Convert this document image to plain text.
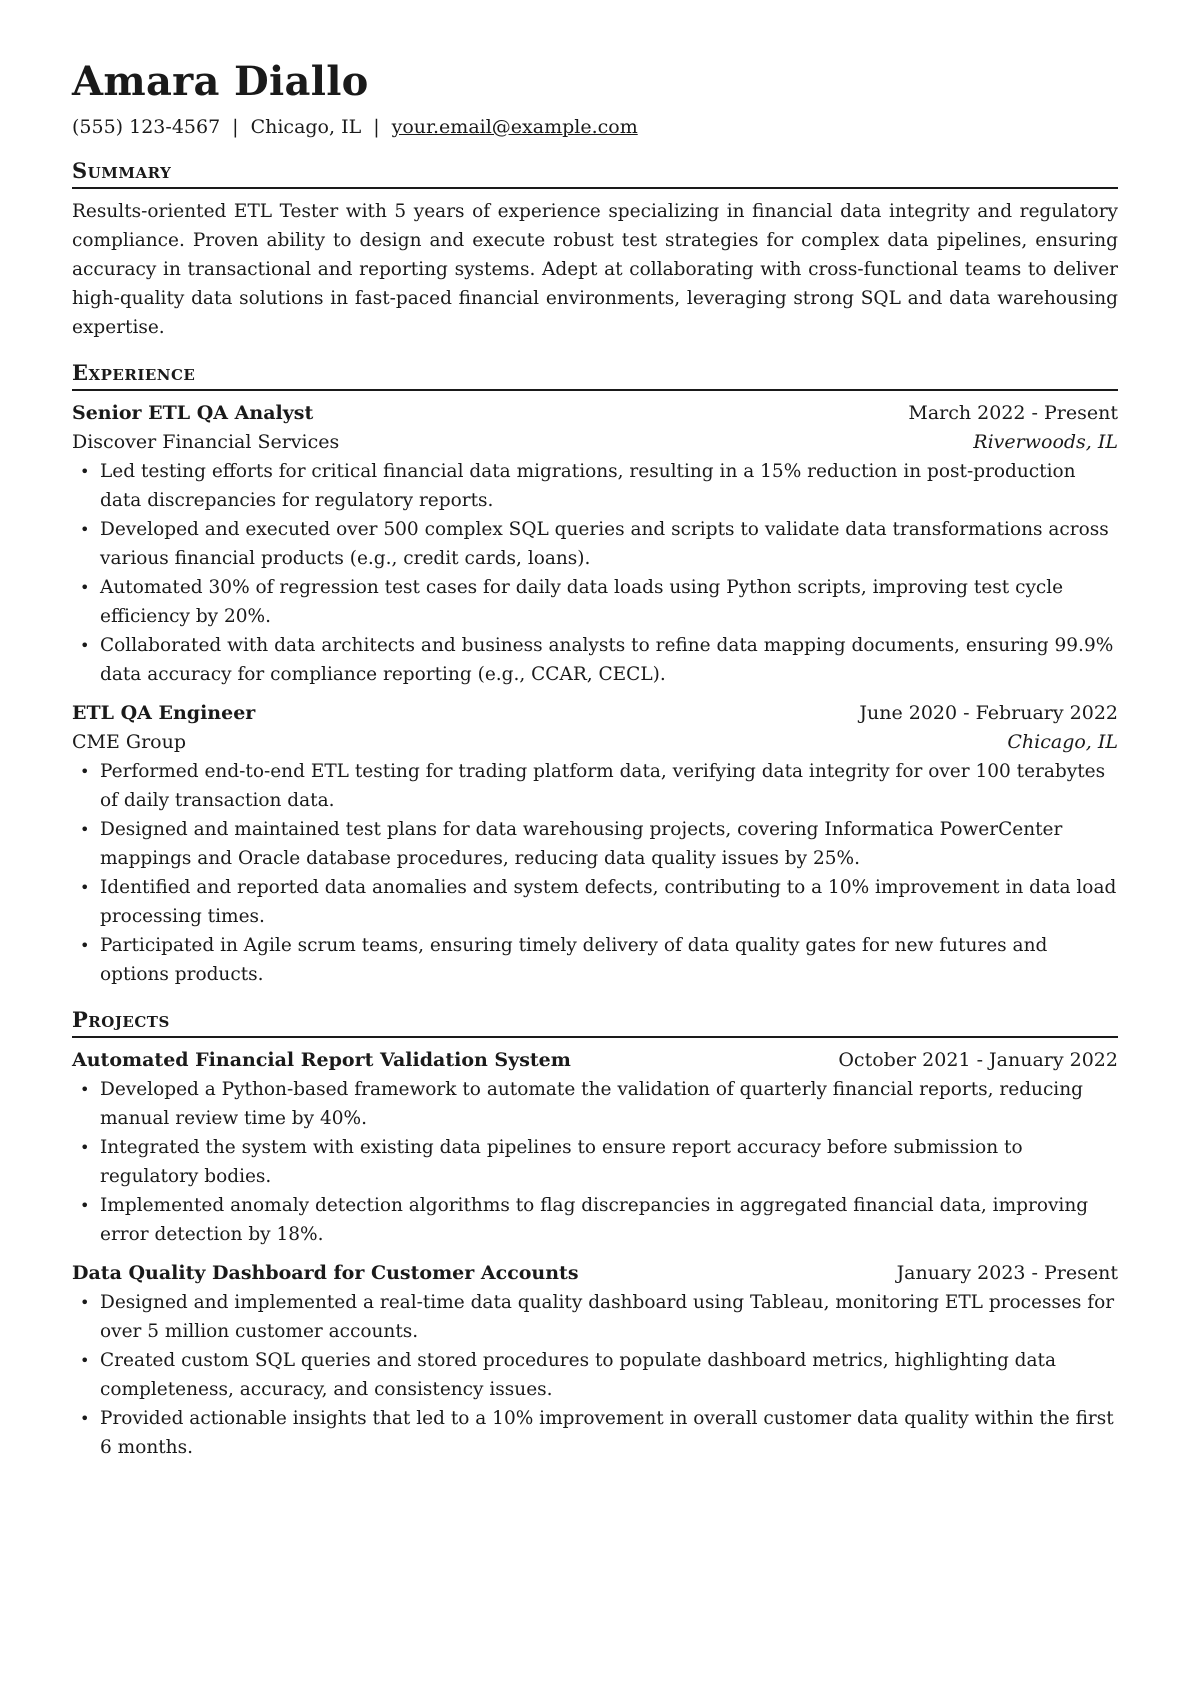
Amara Diallo
(555) 123-4567 | Chicago, IL | your.email@example.com
Summary
Results-oriented ETL Tester with 5 years of experience specializing in financial data integrity and regulatory compliance. Proven ability to design and execute robust test strategies for complex data pipelines, ensuring accuracy in transactional and reporting systems. Adept at collaborating with cross-functional teams to deliver high-quality data solutions in fast-paced financial environments, leveraging strong SQL and data warehousing expertise.
Experience
Senior ETL QA Analyst	March 2022 - Present
Discover Financial Services	Riverwoods, IL
• Led testing efforts for critical financial data migrations, resulting in a 15% reduction in post-production data discrepancies for regulatory reports.
• Developed and executed over 500 complex SQL queries and scripts to validate data transformations across various financial products (e.g., credit cards, loans).
• Automated 30% of regression test cases for daily data loads using Python scripts, improving test cycle efficiency by 20%.
• Collaborated with data architects and business analysts to refine data mapping documents, ensuring 99.9% data accuracy for compliance reporting (e.g., CCAR, CECL).
ETL QA Engineer	June 2020 - February 2022
CME Group	Chicago, IL
• Performed end-to-end ETL testing for trading platform data, verifying data integrity for over 100 terabytes of daily transaction data.
• Designed and maintained test plans for data warehousing projects, covering Informatica PowerCenter mappings and Oracle database procedures, reducing data quality issues by 25%.
• Identified and reported data anomalies and system defects, contributing to a 10% improvement in data load processing times.
• Participated in Agile scrum teams, ensuring timely delivery of data quality gates for new futures and options products.
Projects
Automated Financial Report Validation System	October 2021 - January 2022
• Developed a Python-based framework to automate the validation of quarterly financial reports, reducing manual review time by 40%.
• Integrated the system with existing data pipelines to ensure report accuracy before submission to regulatory bodies.
• Implemented anomaly detection algorithms to flag discrepancies in aggregated financial data, improving error detection by 18%.
Data Quality Dashboard for Customer Accounts	January 2023 - Present
• Designed and implemented a real-time data quality dashboard using Tableau, monitoring ETL processes for over 5 million customer accounts.
• Created custom SQL queries and stored procedures to populate dashboard metrics, highlighting data completeness, accuracy, and consistency issues.
• Provided actionable insights that led to a 10% improvement in overall customer data quality within the first 6 months.
